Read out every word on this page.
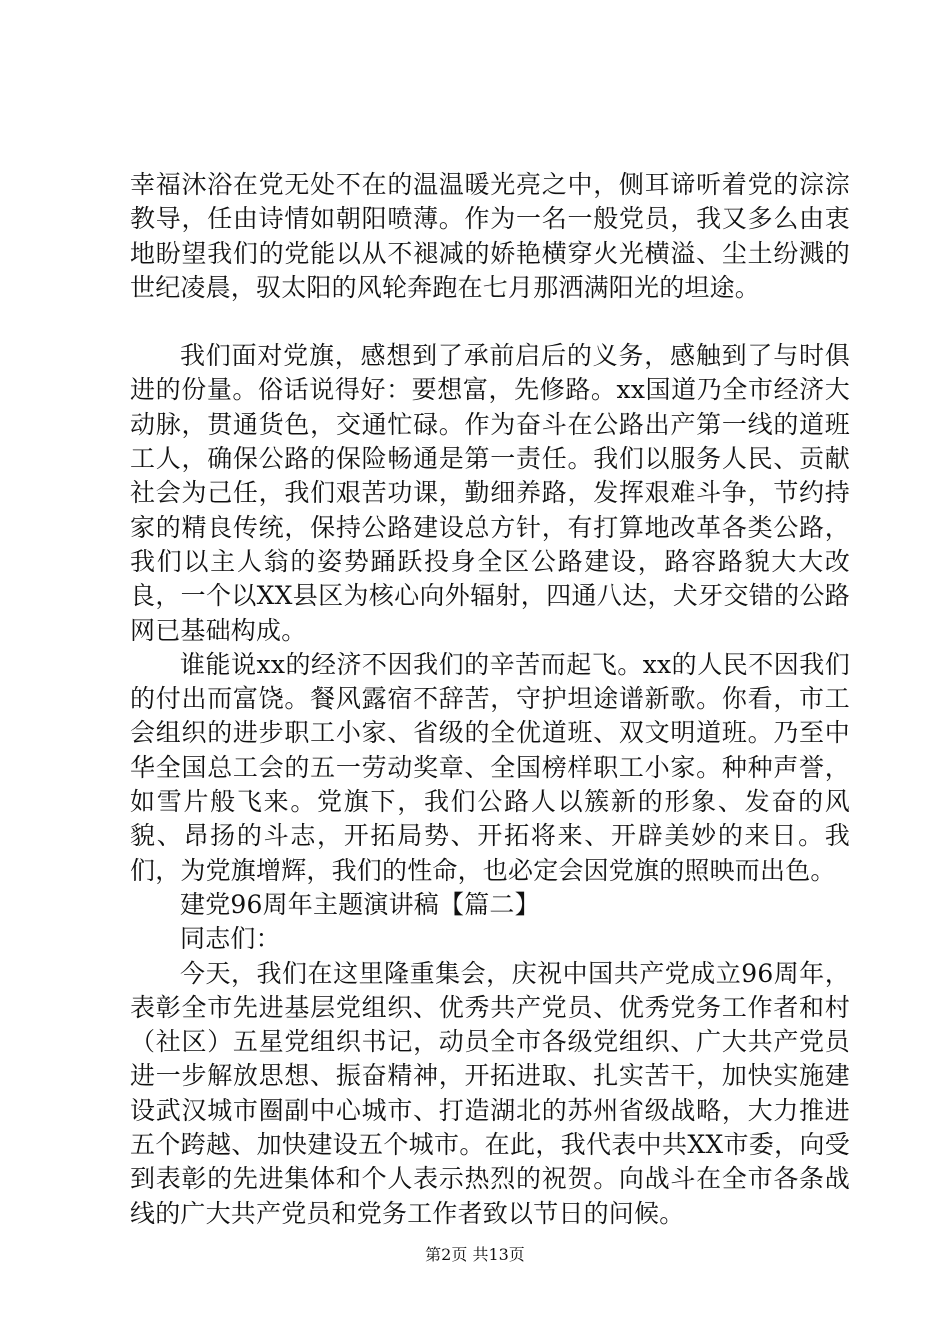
幸福沐浴在党无处不在的温温暖光亮之中，侧耳谛听着党的淙淙教导，任由诗情如朝阳喷薄。作为一名一般党员，我又多么由衷地盼望我们的党能以从不褪减的娇艳横穿火光横溢、尘土纷溅的世纪凌晨，驭太阳的风轮奔跑在七月那洒满阳光的坦途。

我们面对党旗，感想到了承前启后的义务，感触到了与时俱进的份量。俗话说得好：要想富，先修路。xx国道乃全市经济大动脉，贯通货色，交通忙碌。作为奋斗在公路出产第一线的道班工人，确保公路的保险畅通是第一责任。我们以服务人民、贡献社会为己任，我们艰苦功课，勤细养路，发挥艰难斗争，节约持家的精良传统，保持公路建设总方针，有打算地改革各类公路，我们以主人翁的姿势踊跃投身全区公路建设，路容路貌大大改良，一个以XX县区为核心向外辐射，四通八达，犬牙交错的公路网已基础构成。

谁能说xx的经济不因我们的辛苦而起飞。xx的人民不因我们的付出而富饶。餐风露宿不辞苦，守护坦途谱新歌。你看，市工会组织的进步职工小家、省级的全优道班、双文明道班。乃至中华全国总工会的五一劳动奖章、全国榜样职工小家。种种声誉，如雪片般飞来。党旗下，我们公路人以簇新的形象、发奋的风貌、昂扬的斗志，开拓局势、开拓将来、开辟美妙的来日。我们，为党旗增辉，我们的性命，也必定会因党旗的照映而出色。

建党96周年主题演讲稿【篇二】

同志们：

今天，我们在这里隆重集会，庆祝中国共产党成立96周年，表彰全市先进基层党组织、优秀共产党员、优秀党务工作者和村（社区）五星党组织书记，动员全市各级党组织、广大共产党员进一步解放思想、振奋精神，开拓进取、扎实苦干，加快实施建设武汉城市圈副中心城市、打造湖北的苏州省级战略，大力推进五个跨越、加快建设五个城市。在此，我代表中共XX市委，向受到表彰的先进集体和个人表示热烈的祝贺。向战斗在全市各条战线的广大共产党员和党务工作者致以节日的问候。

第2页 共13页
